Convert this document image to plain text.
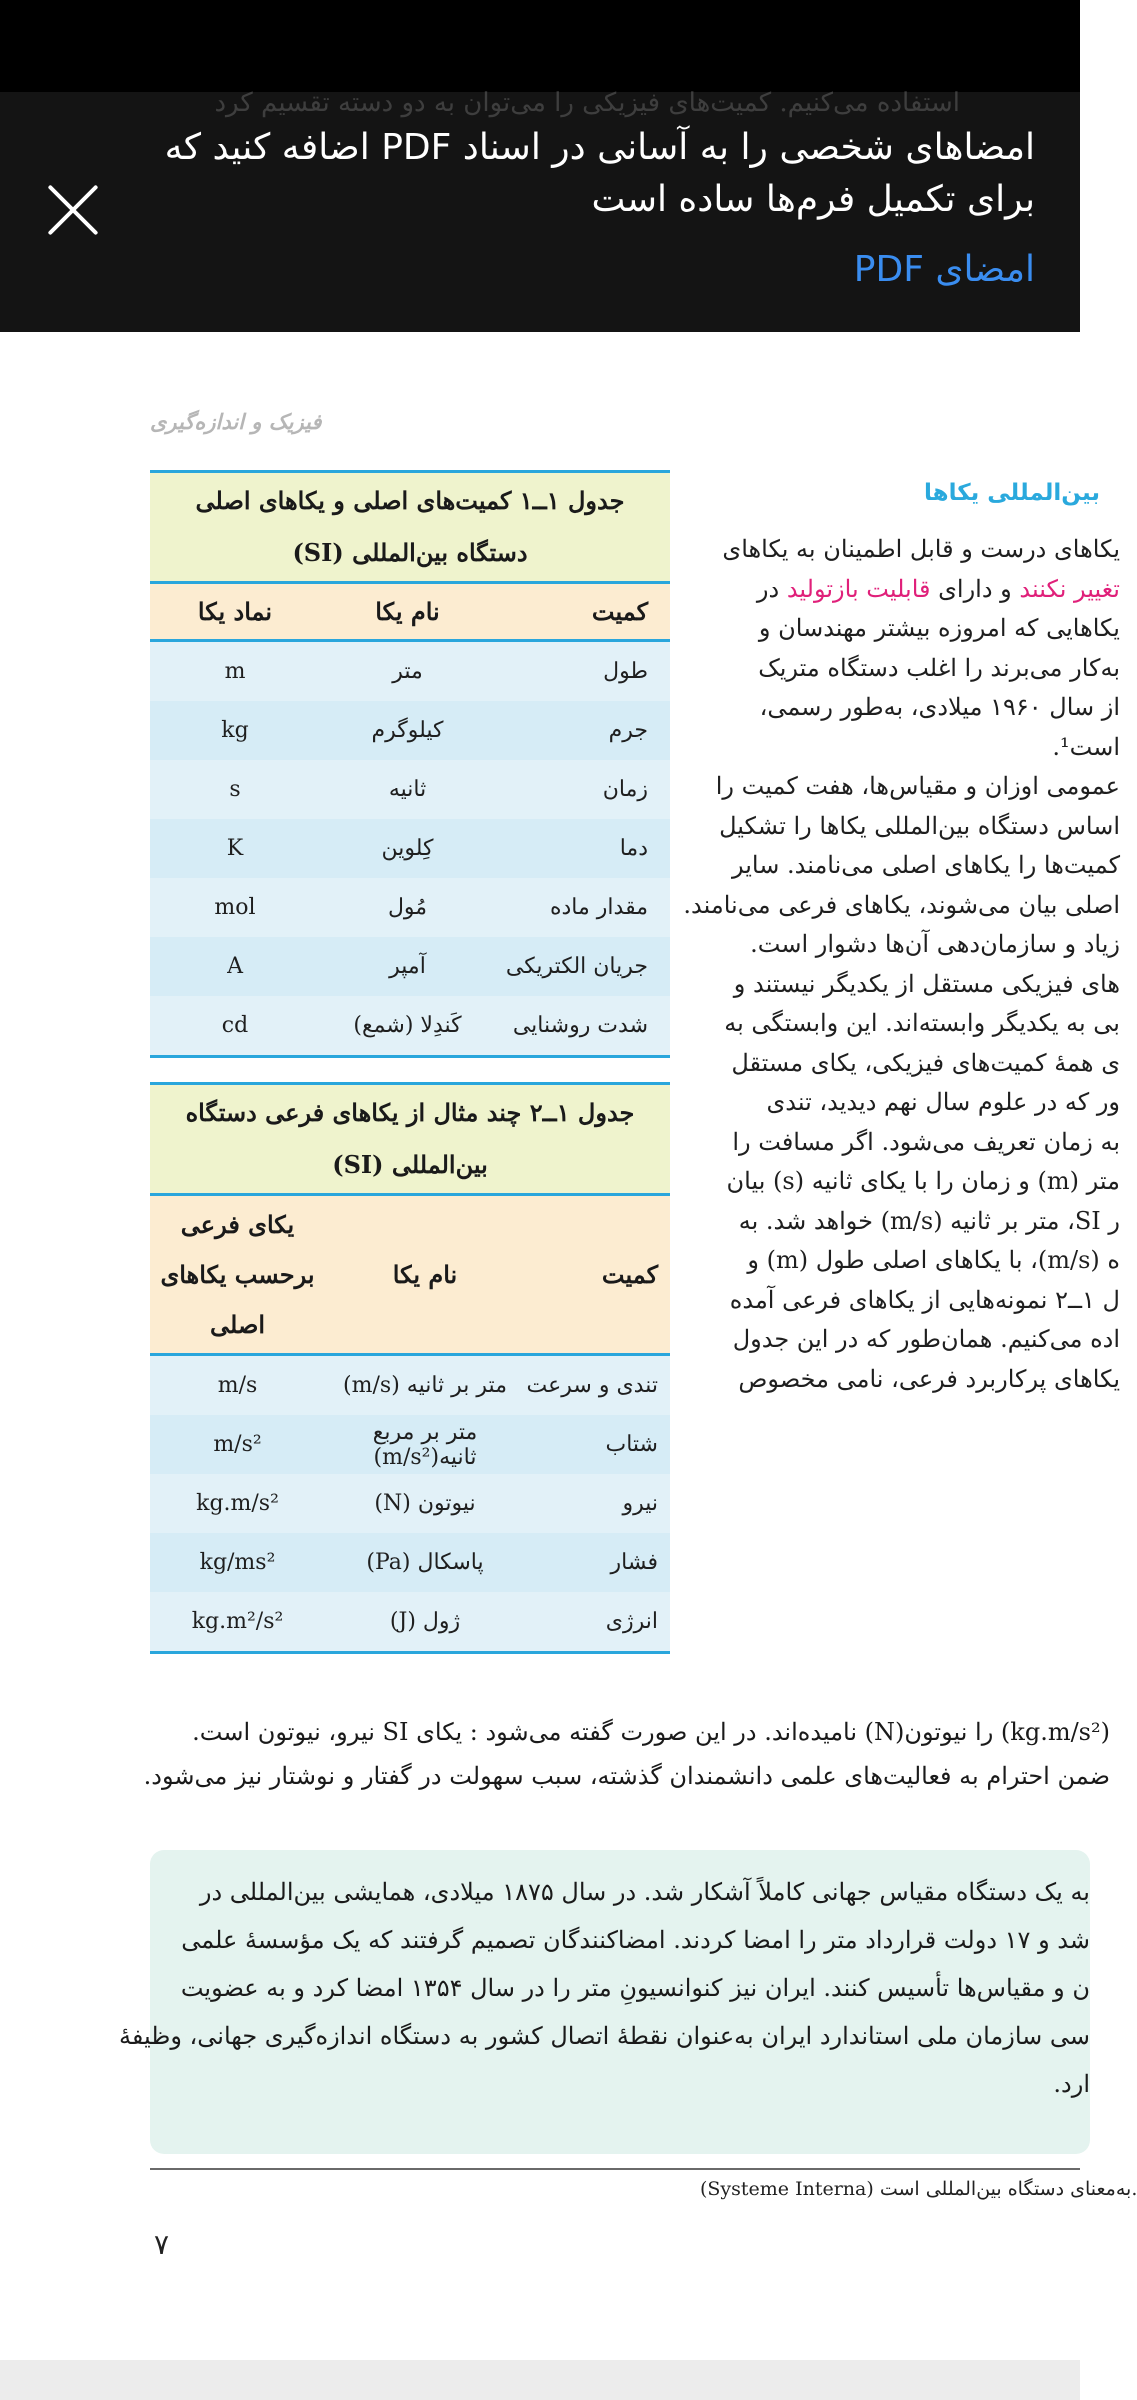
استفاده می‌کنیم. کمیت‌های فیزیکی را می‌توان به دو دسته تقسیم کرد
امضاهای شخصی را به آسانی در اسناد PDF اضافه کنید که برای تکمیل فرم‌ها ساده است
امضای PDF
فیزیک و اندازه‌گیری
بین‌المللی یکاها
یکاهای درست و قابل اطمینان به یکاهای
تغییر نکنند و دارای قابلیت بازتولید در
یکاهایی که امروزه بیشتر مهندسان و
به‌کار می‌برند را اغلب دستگاه متریک
از سال ۱۹۶۰ میلادی، به‌طور رسمی،
است¹.
عمومی اوزان و مقیاس‌ها، هفت کمیت را
اساس دستگاه بین‌المللی یکاها را تشکیل
کمیت‌ها را یکاهای اصلی می‌نامند. سایر
اصلی بیان می‌شوند، یکاهای فرعی می‌نامند.
زیاد و سازمان‌دهی آن‌ها دشوار است.
های فیزیکی مستقل از یکدیگر نیستند و
بی به یکدیگر وابسته‌اند. این وابستگی به
ی همهٔ کمیت‌های فیزیکی، یکای مستقل
ور که در علوم سال نهم دیدید، تندی
به زمان تعریف می‌شود. اگر مسافت را
متر (m) و زمان را با یکای ثانیه (s) بیان
ر SI، متر بر ثانیه (m/s) خواهد شد. به
ه (m/s)، با یکاهای اصلی طول (m) و
ل ۱ــ۲ نمونه‌هایی از یکاهای فرعی آمده
اده می‌کنیم. همان‌طور که در این جدول
یکاهای پرکاربرد فرعی، نامی مخصوص
(kg.m/s²) را نیوتون(N) نامیده‌اند. در این صورت گفته می‌شود : یکای SI نیرو، نیوتون است.
ضمن احترام به فعالیت‌های علمی دانشمندان گذشته، سبب سهولت در گفتار و نوشتار نیز می‌شود.
جدول ۱ــ۱ کمیت‌های اصلی و یکاهای اصلی دستگاه بین‌المللی (SI)
کمیت
نام یکا
نماد یکا
طول
متر
m
جرم
کیلوگرم
kg
زمان
ثانیه
s
دما
کِلوین
K
مقدار ماده
مُول
mol
جریان الکتریکی
آمپر
A
شدت روشنایی
کَندِلا (شمع)
cd
جدول ۱ــ۲ چند مثال از یکاهای فرعی دستگاه بین‌المللی (SI)
کمیت
نام یکا
یکای فرعی برحسب یکاهای اصلی
تندی و سرعت
متر بر ثانیه (m/s)
m/s
شتاب
متر بر مربع ثانیه(m/s²)
m/s²
نیرو
نیوتون (N)
kg.m/s²
فشار
پاسکال (Pa)
kg/ms²
انرژی
ژول (J)
kg.m²/s²
به یک دستگاه مقیاس جهانی کاملاً آشکار شد. در سال ۱۸۷۵ میلادی، همایشی بین‌المللی در
شد و ۱۷ دولت قرارداد متر را امضا کردند. امضاکنندگان تصمیم گرفتند که یک مؤسسهٔ علمی
ن و مقیاس‌ها تأسیس کنند. ایران نیز کنوانسیونِ متر را در سال ۱۳۵۴ امضا کرد و به عضویت
سی سازمان ملی استاندارد ایران به‌عنوان نقطهٔ اتصال کشور به دستگاه اندازه‌گیری جهانی، وظیفهٔ
ارد.
(Systeme Interna) به‌معنای دستگاه بین‌المللی است.
۷
